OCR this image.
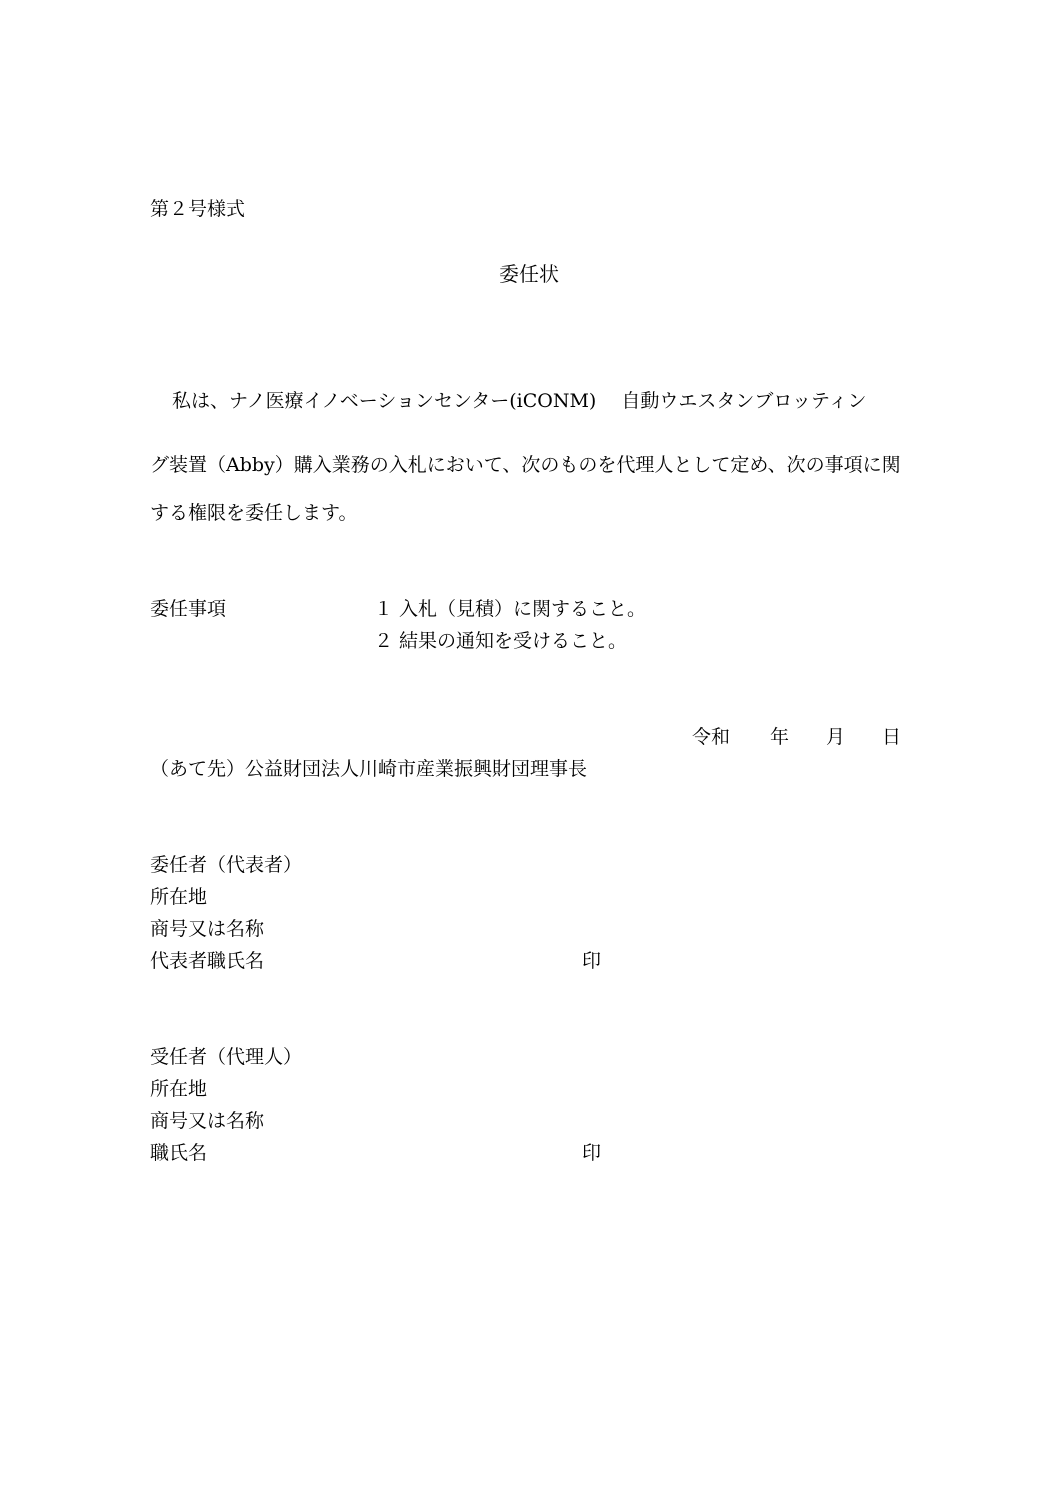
第２号様式
委任状
私は、ナノ医療イノベーションセンター(iCONM)　 自動ウエスタンブロッティン
グ装置（Abby）購入業務の入札において、次のものを代理人として定め、次の事項に関
する権限を委任します。
委任事項	１ 入札（見積）に関すること。
２ 結果の通知を受けること。
令和 年 月 日
（あて先）公益財団法人川崎市産業振興財団理事長
委任者（代表者）
所在地
商号又は名称
代表者職氏名	印
受任者（代理人）
所在地
商号又は名称
職氏名	印
